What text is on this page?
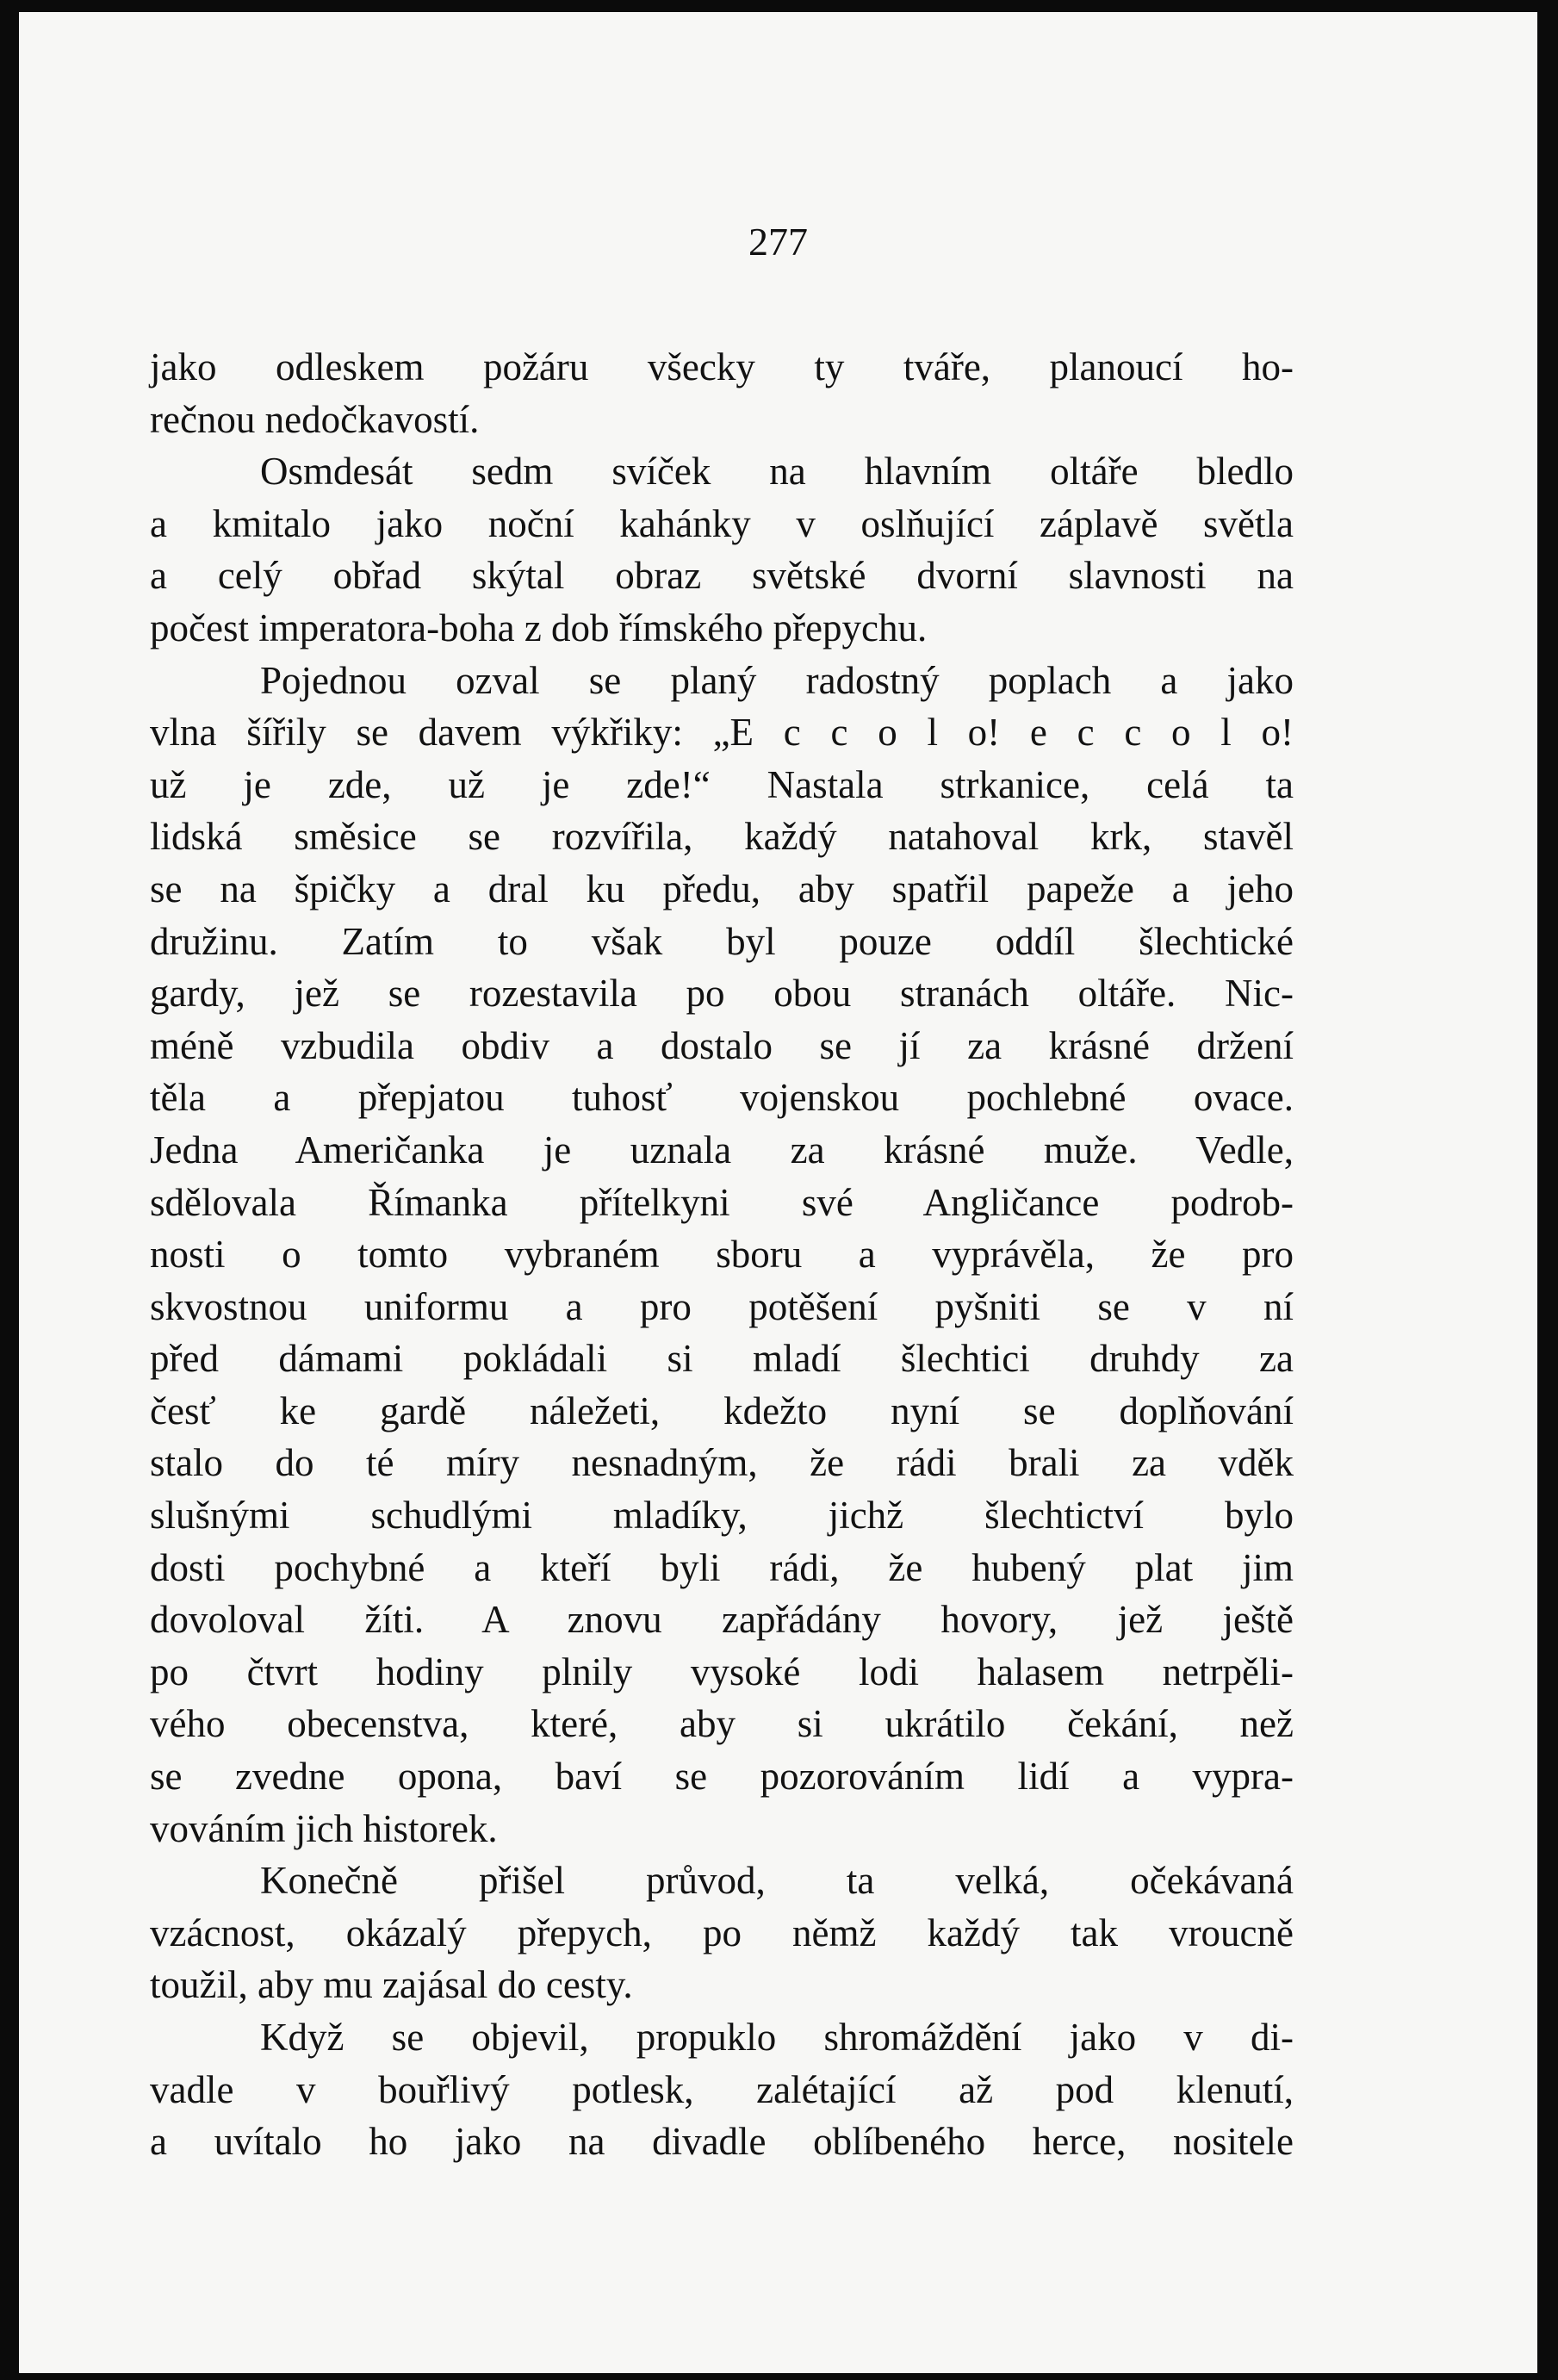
277
jako odleskem požáru všecky ty tváře, planoucí ho-
rečnou nedočkavostí.
Osmdesát sedm svíček na hlavním oltáře bledlo
a kmitalo jako noční kahánky v oslňující záplavě světla
a celý obřad skýtal obraz světské dvorní slavnosti na
počest imperatora-boha z dob římského přepychu.
Pojednou ozval se planý radostný poplach a jako
vlna šířily se davem výkřiky: „E c c o l o! e c c o l o!
už je zde, už je zde!“ Nastala strkanice, celá ta
lidská směsice se rozvířila, každý natahoval krk, stavěl
se na špičky a dral ku předu, aby spatřil papeže a jeho
družinu. Zatím to však byl pouze oddíl šlechtické
gardy, jež se rozestavila po obou stranách oltáře. Nic-
méně vzbudila obdiv a dostalo se jí za krásné držení
těla a přepjatou tuhosť vojenskou pochlebné ovace.
Jedna Američanka je uznala za krásné muže. Vedle,
sdělovala Římanka přítelkyni své Angličance podrob-
nosti o tomto vybraném sboru a vyprávěla, že pro
skvostnou uniformu a pro potěšení pyšniti se v ní
před dámami pokládali si mladí šlechtici druhdy za
česť ke gardě náležeti, kdežto nyní se doplňování
stalo do té míry nesnadným, že rádi brali za vděk
slušnými schudlými mladíky, jichž šlechtictví bylo
dosti pochybné a kteří byli rádi, že hubený plat jim
dovoloval žíti. A znovu zapřádány hovory, jež ještě
po čtvrt hodiny plnily vysoké lodi halasem netrpěli-
vého obecenstva, které, aby si ukrátilo čekání, než
se zvedne opona, baví se pozorováním lidí a vypra-
vováním jich historek.
Konečně přišel průvod, ta velká, očekávaná
vzácnost, okázalý přepych, po němž každý tak vroucně
toužil, aby mu zajásal do cesty.
Když se objevil, propuklo shromáždění jako v di-
vadle v bouřlivý potlesk, zalétající až pod klenutí,
a uvítalo ho jako na divadle oblíbeného herce, nositele
